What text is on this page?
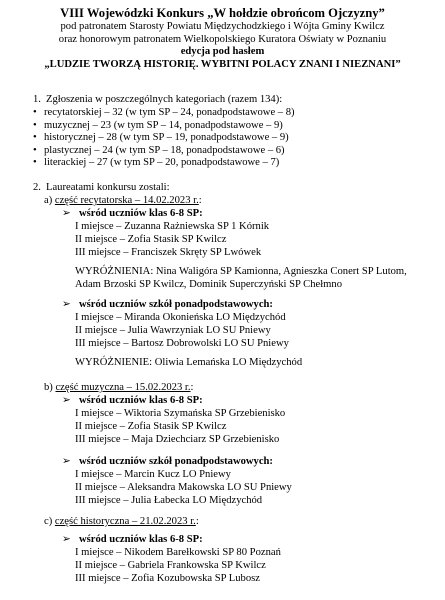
VIII Wojewódzki Konkurs „W hołdzie obrońcom Ojczyzny”
pod patronatem Starosty Powiatu Międzychodzkiego i Wójta Gminy Kwilcz
oraz honorowym patronatem Wielkopolskiego Kuratora Oświaty w Poznaniu
edycja pod hasłem
„LUDZIE TWORZĄ HISTORIĘ. WYBITNI POLACY ZNANI I NIEZNANI”
1. Zgłoszenia w poszczególnych kategoriach (razem 134):
• recytatorskiej – 32 (w tym SP – 24, ponadpodstawowe – 8)
• muzycznej – 23 (w tym SP – 14, ponadpodstawowe – 9)
• historycznej – 28 (w tym SP – 19, ponadpodstawowe – 9)
• plastycznej – 24 (w tym SP – 18, ponadpodstawowe – 6)
• literackiej – 27 (w tym SP – 20, ponadpodstawowe – 7)
2. Laureatami konkursu zostali:
a) część recytatorska – 14.02.2023 r.:
➢ wśród uczniów klas 6-8 SP:
I miejsce – Zuzanna Rażniewska SP 1 Kórnik
II miejsce – Zofia Stasik SP Kwilcz
III miejsce – Franciszek Skręty SP Lwówek
WYRÓŻNIENIA: Nina Waligóra SP Kamionna, Agnieszka Conert SP Lutom, Adam Brzoski SP Kwilcz, Dominik Superczyński SP Chełmno
➢ wśród uczniów szkół ponadpodstawowych:
I miejsce – Miranda Okonieńska LO Międzychód
II miejsce – Julia Wawrzyniak LO SU Pniewy
III miejsce – Bartosz Dobrowolski LO SU Pniewy
WYRÓŻNIENIE: Oliwia Lemańska LO Międzychód
b) część muzyczna – 15.02.2023 r.:
➢ wśród uczniów klas 6-8 SP:
I miejsce – Wiktoria Szymańska SP Grzebienisko
II miejsce – Zofia Stasik SP Kwilcz
III miejsce – Maja Dziechciarz SP Grzebienisko
➢ wśród uczniów szkół ponadpodstawowych:
I miejsce – Marcin Kucz LO Pniewy
II miejsce – Aleksandra Makowska LO SU Pniewy
III miejsce – Julia Łabecka LO Międzychód
c) część historyczna – 21.02.2023 r.:
➢ wśród uczniów klas 6-8 SP:
I miejsce – Nikodem Barełkowski SP 80 Poznań
II miejsce – Gabriela Frankowska SP Kwilcz
III miejsce – Zofia Kozubowska SP Lubosz
